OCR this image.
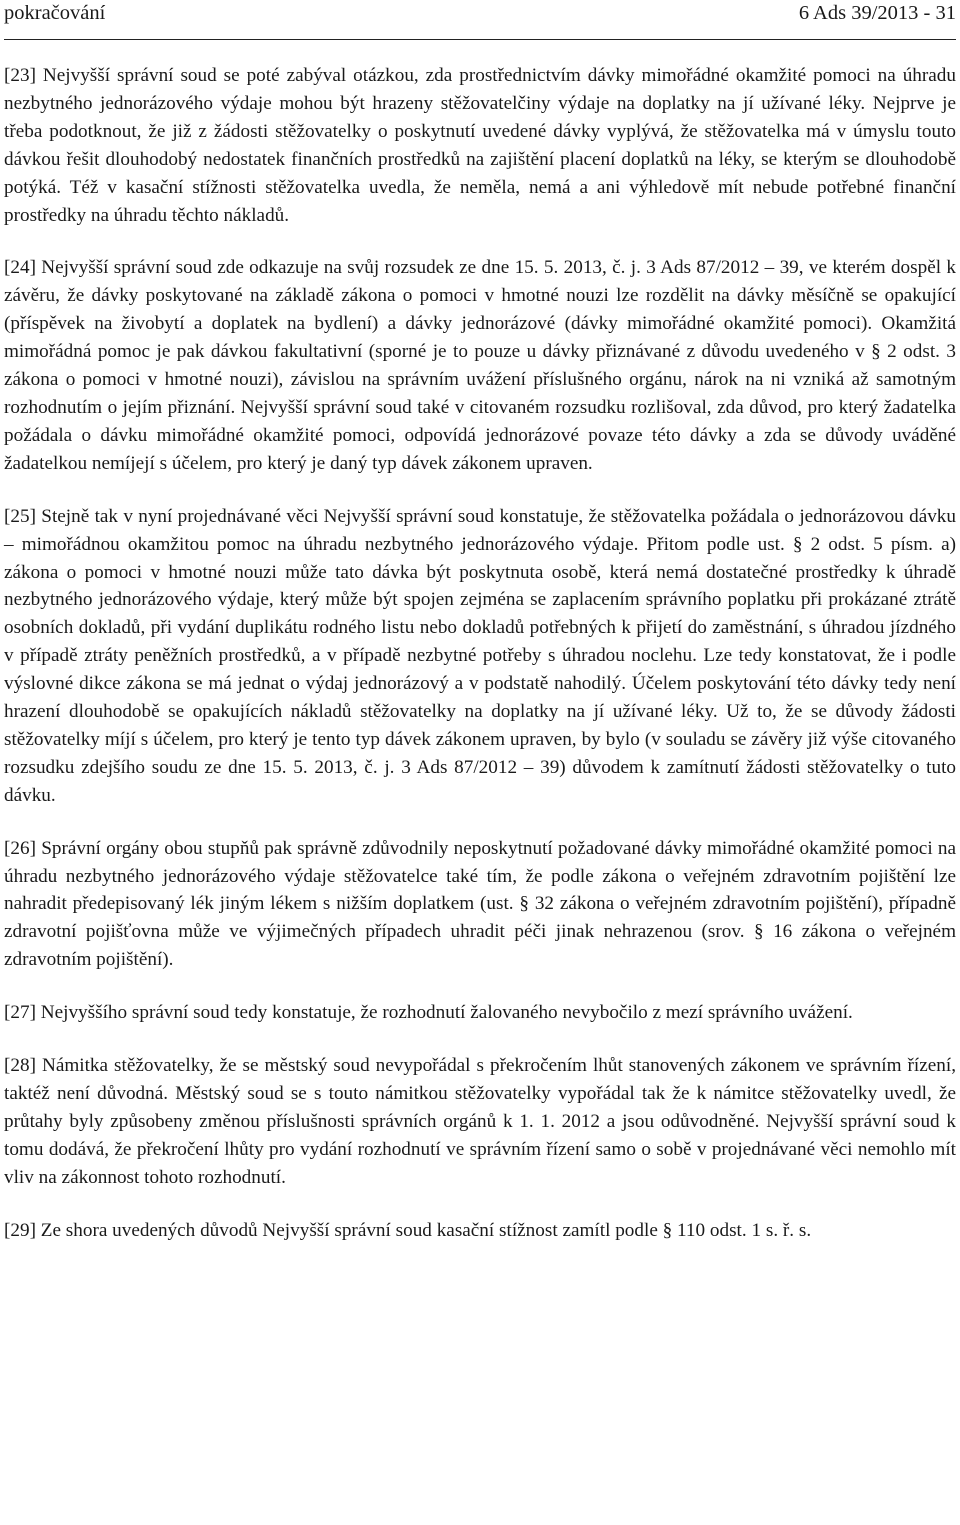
pokračování	6 Ads 39/2013 - 31

[23] Nejvyšší správní soud se poté zabýval otázkou, zda prostřednictvím dávky mimořádné okamžité pomoci na úhradu nezbytného jednorázového výdaje mohou být hrazeny stěžovatelčiny výdaje na doplatky na jí užívané léky. Nejprve je třeba podotknout, že již z žádosti stěžovatelky o poskytnutí uvedené dávky vyplývá, že stěžovatelka má v úmyslu touto dávkou řešit dlouhodobý nedostatek finančních prostředků na zajištění placení doplatků na léky, se kterým se dlouhodobě potýká. Též v kasační stížnosti stěžovatelka uvedla, že neměla, nemá a ani výhledově mít nebude potřebné finanční prostředky na úhradu těchto nákladů.

[24] Nejvyšší správní soud zde odkazuje na svůj rozsudek ze dne 15. 5. 2013, č. j. 3 Ads 87/2012 – 39, ve kterém dospěl k závěru, že dávky poskytované na základě zákona o pomoci v hmotné nouzi lze rozdělit na dávky měsíčně se opakující (příspěvek na živobytí a doplatek na bydlení) a dávky jednorázové (dávky mimořádné okamžité pomoci). Okamžitá mimořádná pomoc je pak dávkou fakultativní (sporné je to pouze u dávky přiznávané z důvodu uvedeného v § 2 odst. 3 zákona o pomoci v hmotné nouzi), závislou na správním uvážení příslušného orgánu, nárok na ni vzniká až samotným rozhodnutím o jejím přiznání. Nejvyšší správní soud také v citovaném rozsudku rozlišoval, zda důvod, pro který žadatelka požádala o dávku mimořádné okamžité pomoci, odpovídá jednorázové povaze této dávky a zda se důvody uváděné žadatelkou nemíjejí s účelem, pro který je daný typ dávek zákonem upraven.

[25] Stejně tak v nyní projednávané věci Nejvyšší správní soud konstatuje, že stěžovatelka požádala o jednorázovou dávku – mimořádnou okamžitou pomoc na úhradu nezbytného jednorázového výdaje. Přitom podle ust. § 2 odst. 5 písm. a) zákona o pomoci v hmotné nouzi může tato dávka být poskytnuta osobě, která nemá dostatečné prostředky k úhradě nezbytného jednorázového výdaje, který může být spojen zejména se zaplacením správního poplatku při prokázané ztrátě osobních dokladů, při vydání duplikátu rodného listu nebo dokladů potřebných k přijetí do zaměstnání, s úhradou jízdného v případě ztráty peněžních prostředků, a v případě nezbytné potřeby s úhradou noclehu. Lze tedy konstatovat, že i podle výslovné dikce zákona se má jednat o výdaj jednorázový a v podstatě nahodilý. Účelem poskytování této dávky tedy není hrazení dlouhodobě se opakujících nákladů stěžovatelky na doplatky na jí užívané léky. Už to, že se důvody žádosti stěžovatelky míjí s účelem, pro který je tento typ dávek zákonem upraven, by bylo (v souladu se závěry již výše citovaného rozsudku zdejšího soudu ze dne 15. 5. 2013, č. j. 3 Ads 87/2012 – 39) důvodem k zamítnutí žádosti stěžovatelky o tuto dávku.

[26] Správní orgány obou stupňů pak správně zdůvodnily neposkytnutí požadované dávky mimořádné okamžité pomoci na úhradu nezbytného jednorázového výdaje stěžovatelce také tím, že podle zákona o veřejném zdravotním pojištění lze nahradit předepisovaný lék jiným lékem s nižším doplatkem (ust. § 32 zákona o veřejném zdravotním pojištění), případně zdravotní pojišťovna může ve výjimečných případech uhradit péči jinak nehrazenou (srov. § 16 zákona o veřejném zdravotním pojištění).

[27] Nejvyššího správní soud tedy konstatuje, že rozhodnutí žalovaného nevybočilo z mezí správního uvážení.

[28] Námitka stěžovatelky, že se městský soud nevypořádal s překročením lhůt stanovených zákonem ve správním řízení, taktéž není důvodná. Městský soud se s touto námitkou stěžovatelky vypořádal tak že k námitce stěžovatelky uvedl, že průtahy byly způsobeny změnou příslušnosti správních orgánů k 1. 1. 2012 a jsou odůvodněné. Nejvyšší správní soud k tomu dodává, že překročení lhůty pro vydání rozhodnutí ve správním řízení samo o sobě v projednávané věci nemohlo mít vliv na zákonnost tohoto rozhodnutí.

[29] Ze shora uvedených důvodů Nejvyšší správní soud kasační stížnost zamítl podle § 110 odst. 1 s. ř. s.
